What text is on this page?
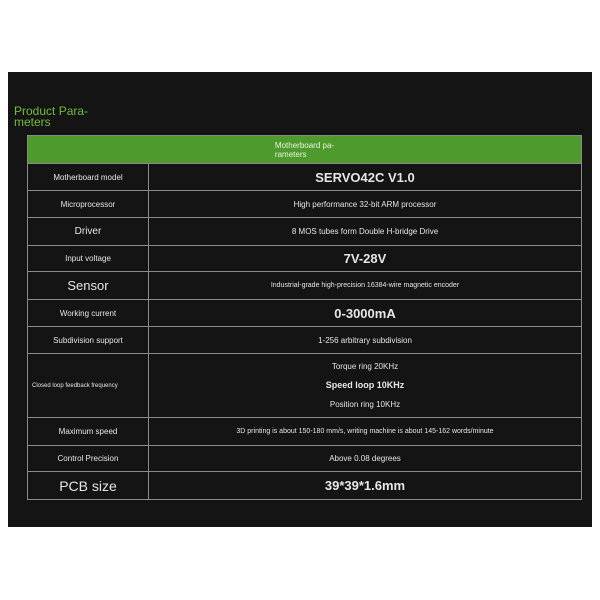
Product Para-
meters
Motherboard pa-
rameters	
Motherboard model	SERVO42C V1.0
Microprocessor	High performance 32-bit ARM processor
Driver	8 MOS tubes form Double H-bridge Drive
Input voltage	7V-28V
Sensor	Industrial-grade high-precision 16384-wire magnetic encoder
Working current	0-3000mA
Subdivision support	1-256 arbitrary subdivision
Closed loop feedback frequency	Torque ring 20KHz
Speed loop 10KHz
Position ring 10KHz

Maximum speed	3D printing is about 150-180 mm/s, writing machine is about 145-162 words/minute
Control Precision	Above 0.08 degrees
PCB size	39*39*1.6mm
